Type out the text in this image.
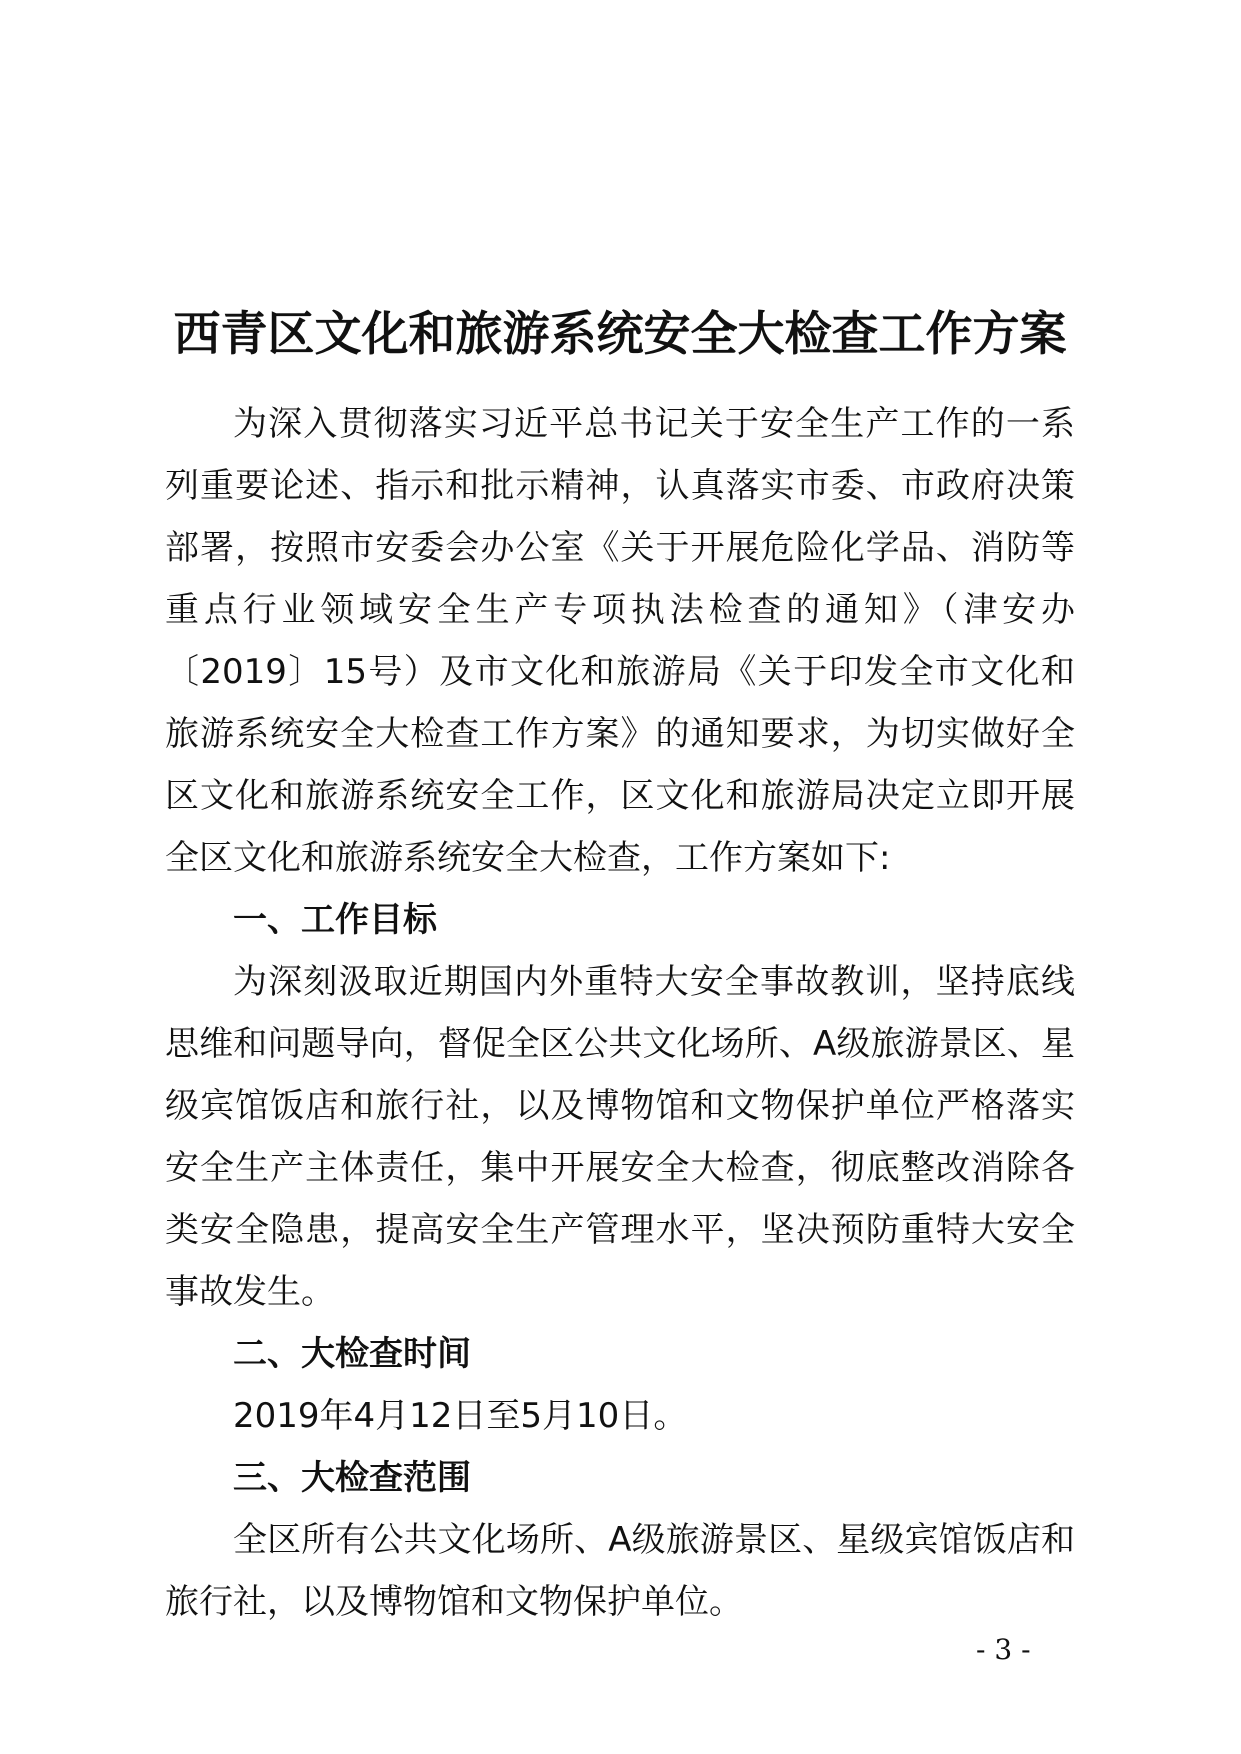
西青区文化和旅游系统安全大检查工作方案

为深入贯彻落实习近平总书记关于安全生产工作的一系列重要论述、指示和批示精神，认真落实市委、市政府决策部署，按照市安委会办公室《关于开展危险化学品、消防等重点行业领域安全生产专项执法检查的通知》（津安办〔2019〕15号）及市文化和旅游局《关于印发全市文化和旅游系统安全大检查工作方案》的通知要求，为切实做好全区文化和旅游系统安全工作，区文化和旅游局决定立即开展全区文化和旅游系统安全大检查，工作方案如下:

一、工作目标

为深刻汲取近期国内外重特大安全事故教训，坚持底线思维和问题导向，督促全区公共文化场所、A级旅游景区、星级宾馆饭店和旅行社，以及博物馆和文物保护单位严格落实安全生产主体责任，集中开展安全大检查，彻底整改消除各类安全隐患，提高安全生产管理水平，坚决预防重特大安全事故发生。

二、大检查时间

2019年4月12日至5月10日。

三、大检查范围

全区所有公共文化场所、A级旅游景区、星级宾馆饭店和旅行社，以及博物馆和文物保护单位。

- 3 -
